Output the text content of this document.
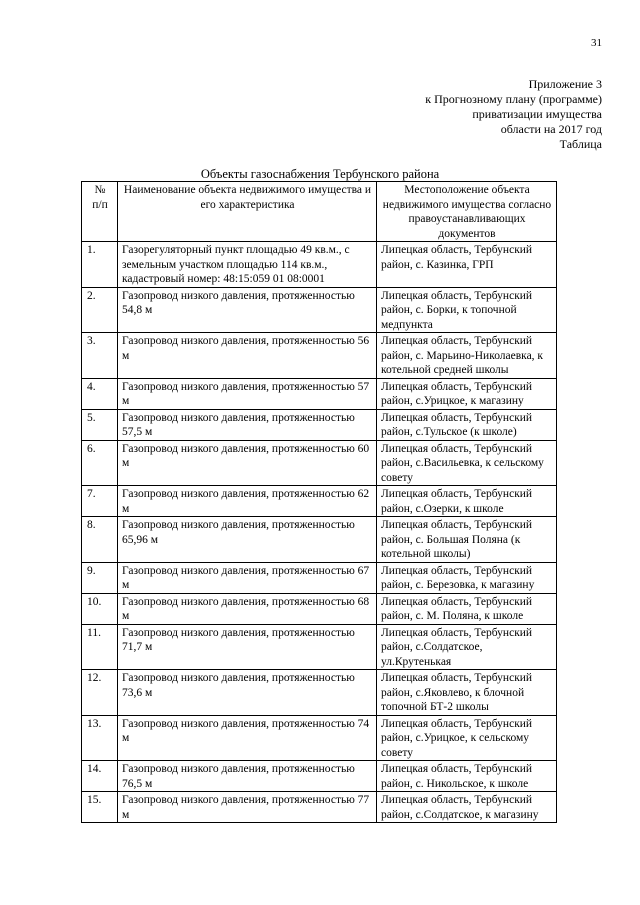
31
Приложение 3
к Прогнозному плану (программе)
приватизации имущества
области на 2017 год
Таблица
Объекты газоснабжения Тербунского района
№
п/п	Наименование объекта недвижимого имущества и его характеристика	Местоположение объекта недвижимого имущества согласно правоустанавливающих документов
1.	Газорегуляторный пункт площадью 49 кв.м., с земельным участком площадью 114 кв.м., кадастровый номер: 48:15:059 01 08:0001	Липецкая область, Тербунский район, с. Казинка, ГРП
2.	Газопровод низкого давления, протяженностью 54,8 м	Липецкая область, Тербунский район, с. Борки, к топочной медпункта
3.	Газопровод низкого давления, протяженностью 56 м	Липецкая область, Тербунский район, с. Марьино-Николаевка, к котельной средней школы
4.	Газопровод низкого давления, протяженностью 57 м	Липецкая область, Тербунский район, с.Урицкое, к магазину
5.	Газопровод низкого давления, протяженностью 57,5 м	Липецкая область, Тербунский район, с.Тульское (к школе)
6.	Газопровод низкого давления, протяженностью 60 м	Липецкая область, Тербунский район, с.Васильевка, к сельскому совету
7.	Газопровод низкого давления, протяженностью 62 м	Липецкая область, Тербунский район, с.Озерки, к школе
8.	Газопровод низкого давления, протяженностью 65,96 м	Липецкая область, Тербунский район, с. Большая Поляна (к котельной школы)
9.	Газопровод низкого давления, протяженностью 67 м	Липецкая область, Тербунский район, с. Березовка, к магазину
10.	Газопровод низкого давления, протяженностью 68 м	Липецкая область, Тербунский район, с. М. Поляна, к школе
11.	Газопровод низкого давления, протяженностью 71,7 м	Липецкая область, Тербунский район, с.Солдатское, ул.Крутенькая
12.	Газопровод низкого давления, протяженностью 73,6 м	Липецкая область, Тербунский район, с.Яковлево, к блочной топочной БТ-2 школы
13.	Газопровод низкого давления, протяженностью 74 м	Липецкая область, Тербунский район, с.Урицкое, к сельскому совету
14.	Газопровод низкого давления, протяженностью 76,5 м	Липецкая область, Тербунский район, с. Никольское, к школе
15.	Газопровод низкого давления, протяженностью 77 м	Липецкая область, Тербунский район, с.Солдатское, к магазину
